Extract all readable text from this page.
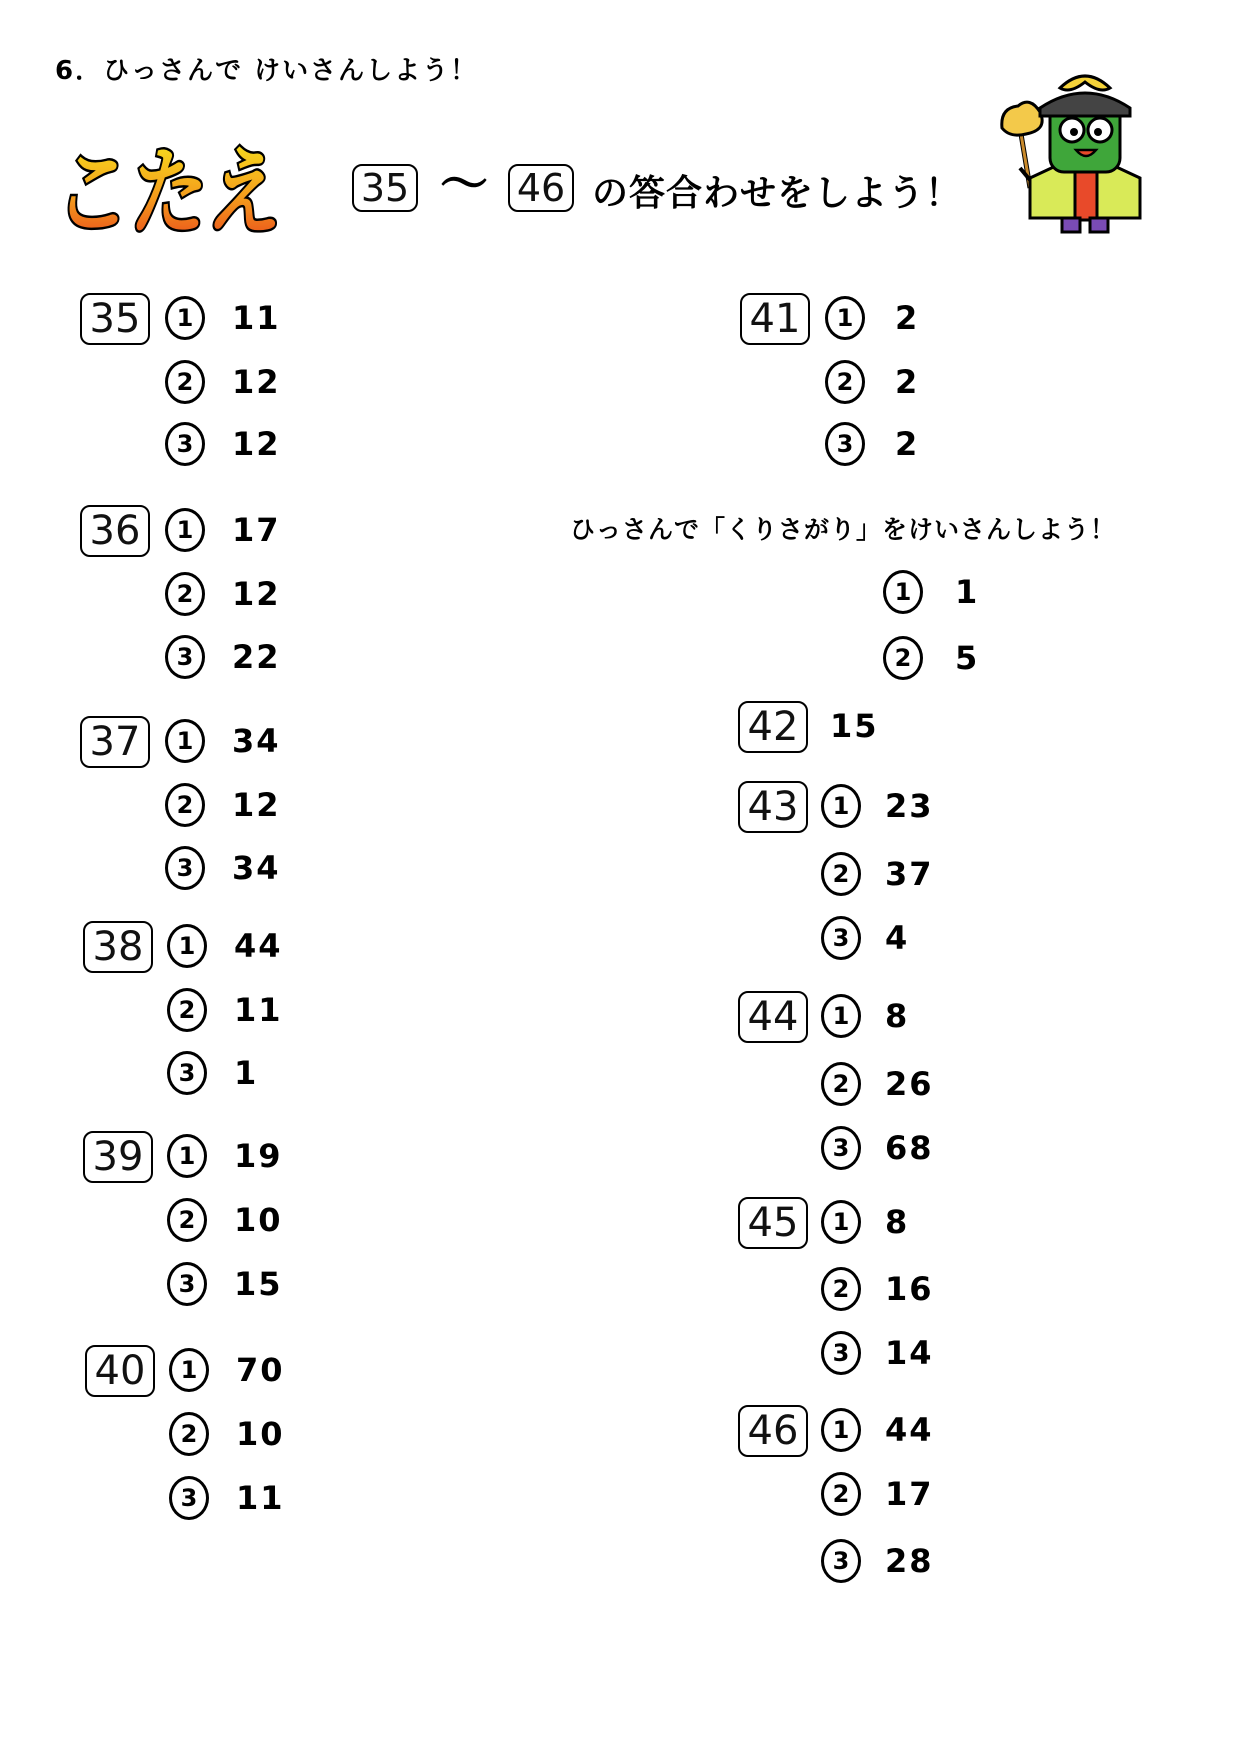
6．ひっさんで けいさんしよう！
こたえ 35 〜 46 の答合わせをしよう！
35	1	11
2	12
3	12
36	1	17
2	12
3	22
37	1	34
2	12
3	34
38	1	44
2	11
3	1
39	1	19
2	10
3	15
40	1	70
2	10
3	11
41	1	2
2	2
3	2
1	1
2	5
42 15
43	1	23
2	37
3	4
44	1	8
2	26
3	68
45	1	8
2	16
3	14
46	1	44
2	17
3	28
ひっさんで「くりさがり」をけいさんしよう！
